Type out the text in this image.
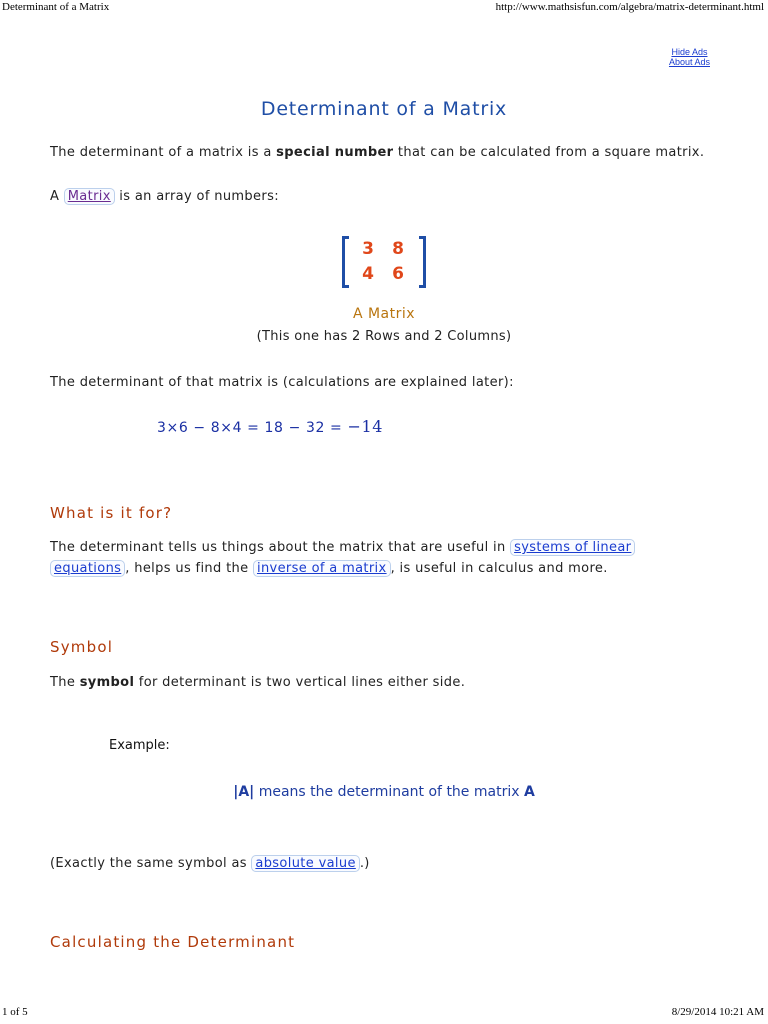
Determinant of a Matrix	http://www.mathsisfun.com/algebra/matrix-determinant.html
Hide Ads
About Ads
Determinant of a Matrix
The determinant of a matrix is a special number that can be calculated from a square matrix.
A Matrix is an array of numbers:
3 8
4 6
A Matrix
(This one has 2 Rows and 2 Columns)
The determinant of that matrix is (calculations are explained later):
3×6 − 8×4 = 18 − 32 = −14
What is it for?
The determinant tells us things about the matrix that are useful in systems of linear
equations , helps us find the inverse of a matrix , is useful in calculus and more.
Symbol
The symbol for determinant is two vertical lines either side.
Example:
|A| means the determinant of the matrix A
(Exactly the same symbol as absolute value .)
Calculating the Determinant
1 of 5	8/29/2014 10:21 AM
